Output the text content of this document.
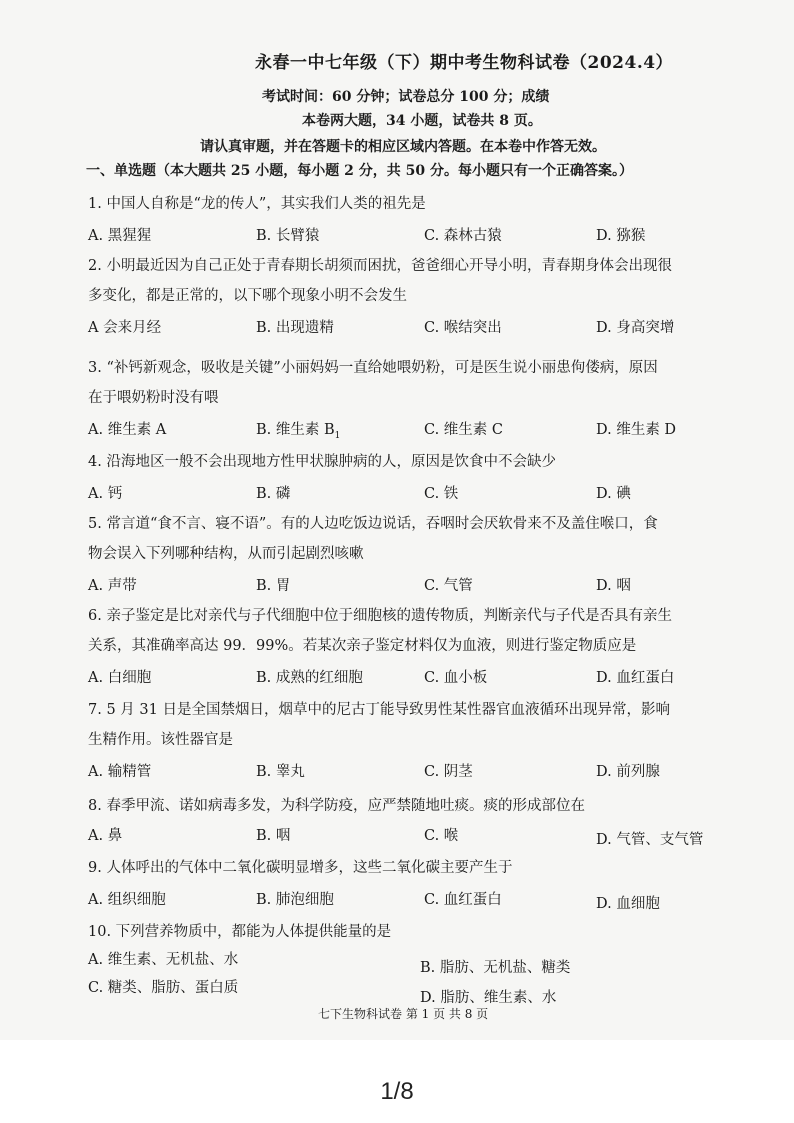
永春一中七年级（下）期中考生物科试卷（2024.4）
考试时间：60 分钟；试卷总分 100 分；成绩
本卷两大题，34 小题，试卷共 8 页。
请认真审题，并在答题卡的相应区域内答题。在本卷中作答无效。
一、单选题（本大题共 25 小题，每小题 2 分，共 50 分。每小题只有一个正确答案。）
1. 中国人自称是“龙的传人”，其实我们人类的祖先是
A. 黑猩猩	B. 长臂猿	C. 森林古猿	D. 猕猴
2. 小明最近因为自己正处于青春期长胡须而困扰，爸爸细心开导小明，青春期身体会出现很
多变化，都是正常的，以下哪个现象小明不会发生
A 会来月经	B. 出现遗精	C. 喉结突出	D. 身高突增
3. “补钙新观念，吸收是关键”小丽妈妈一直给她喂奶粉，可是医生说小丽患佝偻病，原因
在于喂奶粉时没有喂
A. 维生素 A	B. 维生素 $B_1$	C. 维生素 C	D. 维生素 D
4. 沿海地区一般不会出现地方性甲状腺肿病的人，原因是饮食中不会缺少
A. 钙	B. 磷	C. 铁	D. 碘
5. 常言道“食不言、寝不语”。有的人边吃饭边说话，吞咽时会厌软骨来不及盖住喉口，食
物会误入下列哪种结构，从而引起剧烈咳嗽
A. 声带	B. 胃	C. 气管	D. 咽
6. 亲子鉴定是比对亲代与子代细胞中位于细胞核的遗传物质，判断亲代与子代是否具有亲生
关系，其准确率高达 99．99%。若某次亲子鉴定材料仅为血液，则进行鉴定物质应是
A. 白细胞	B. 成熟的红细胞	C. 血小板	D. 血红蛋白
7. 5 月 31 日是全国禁烟日，烟草中的尼古丁能导致男性某性器官血液循环出现异常，影响
生精作用。该性器官是
A. 输精管	B. 睾丸	C. 阴茎	D. 前列腺
8. 春季甲流、诺如病毒多发，为科学防疫，应严禁随地吐痰。痰的形成部位在
A. 鼻	B. 咽	C. 喉	D. 气管、支气管
9. 人体呼出的气体中二氧化碳明显增多，这些二氧化碳主要产生于
A. 组织细胞	B. 肺泡细胞	C. 血红蛋白	D. 血细胞
10. 下列营养物质中，都能为人体提供能量的是
A. 维生素、无机盐、水	B. 脂肪、无机盐、糖类
C. 糖类、脂肪、蛋白质
D. 脂肪、维生素、水
七下生物科试卷 第 1 页 共 8 页
1/8
